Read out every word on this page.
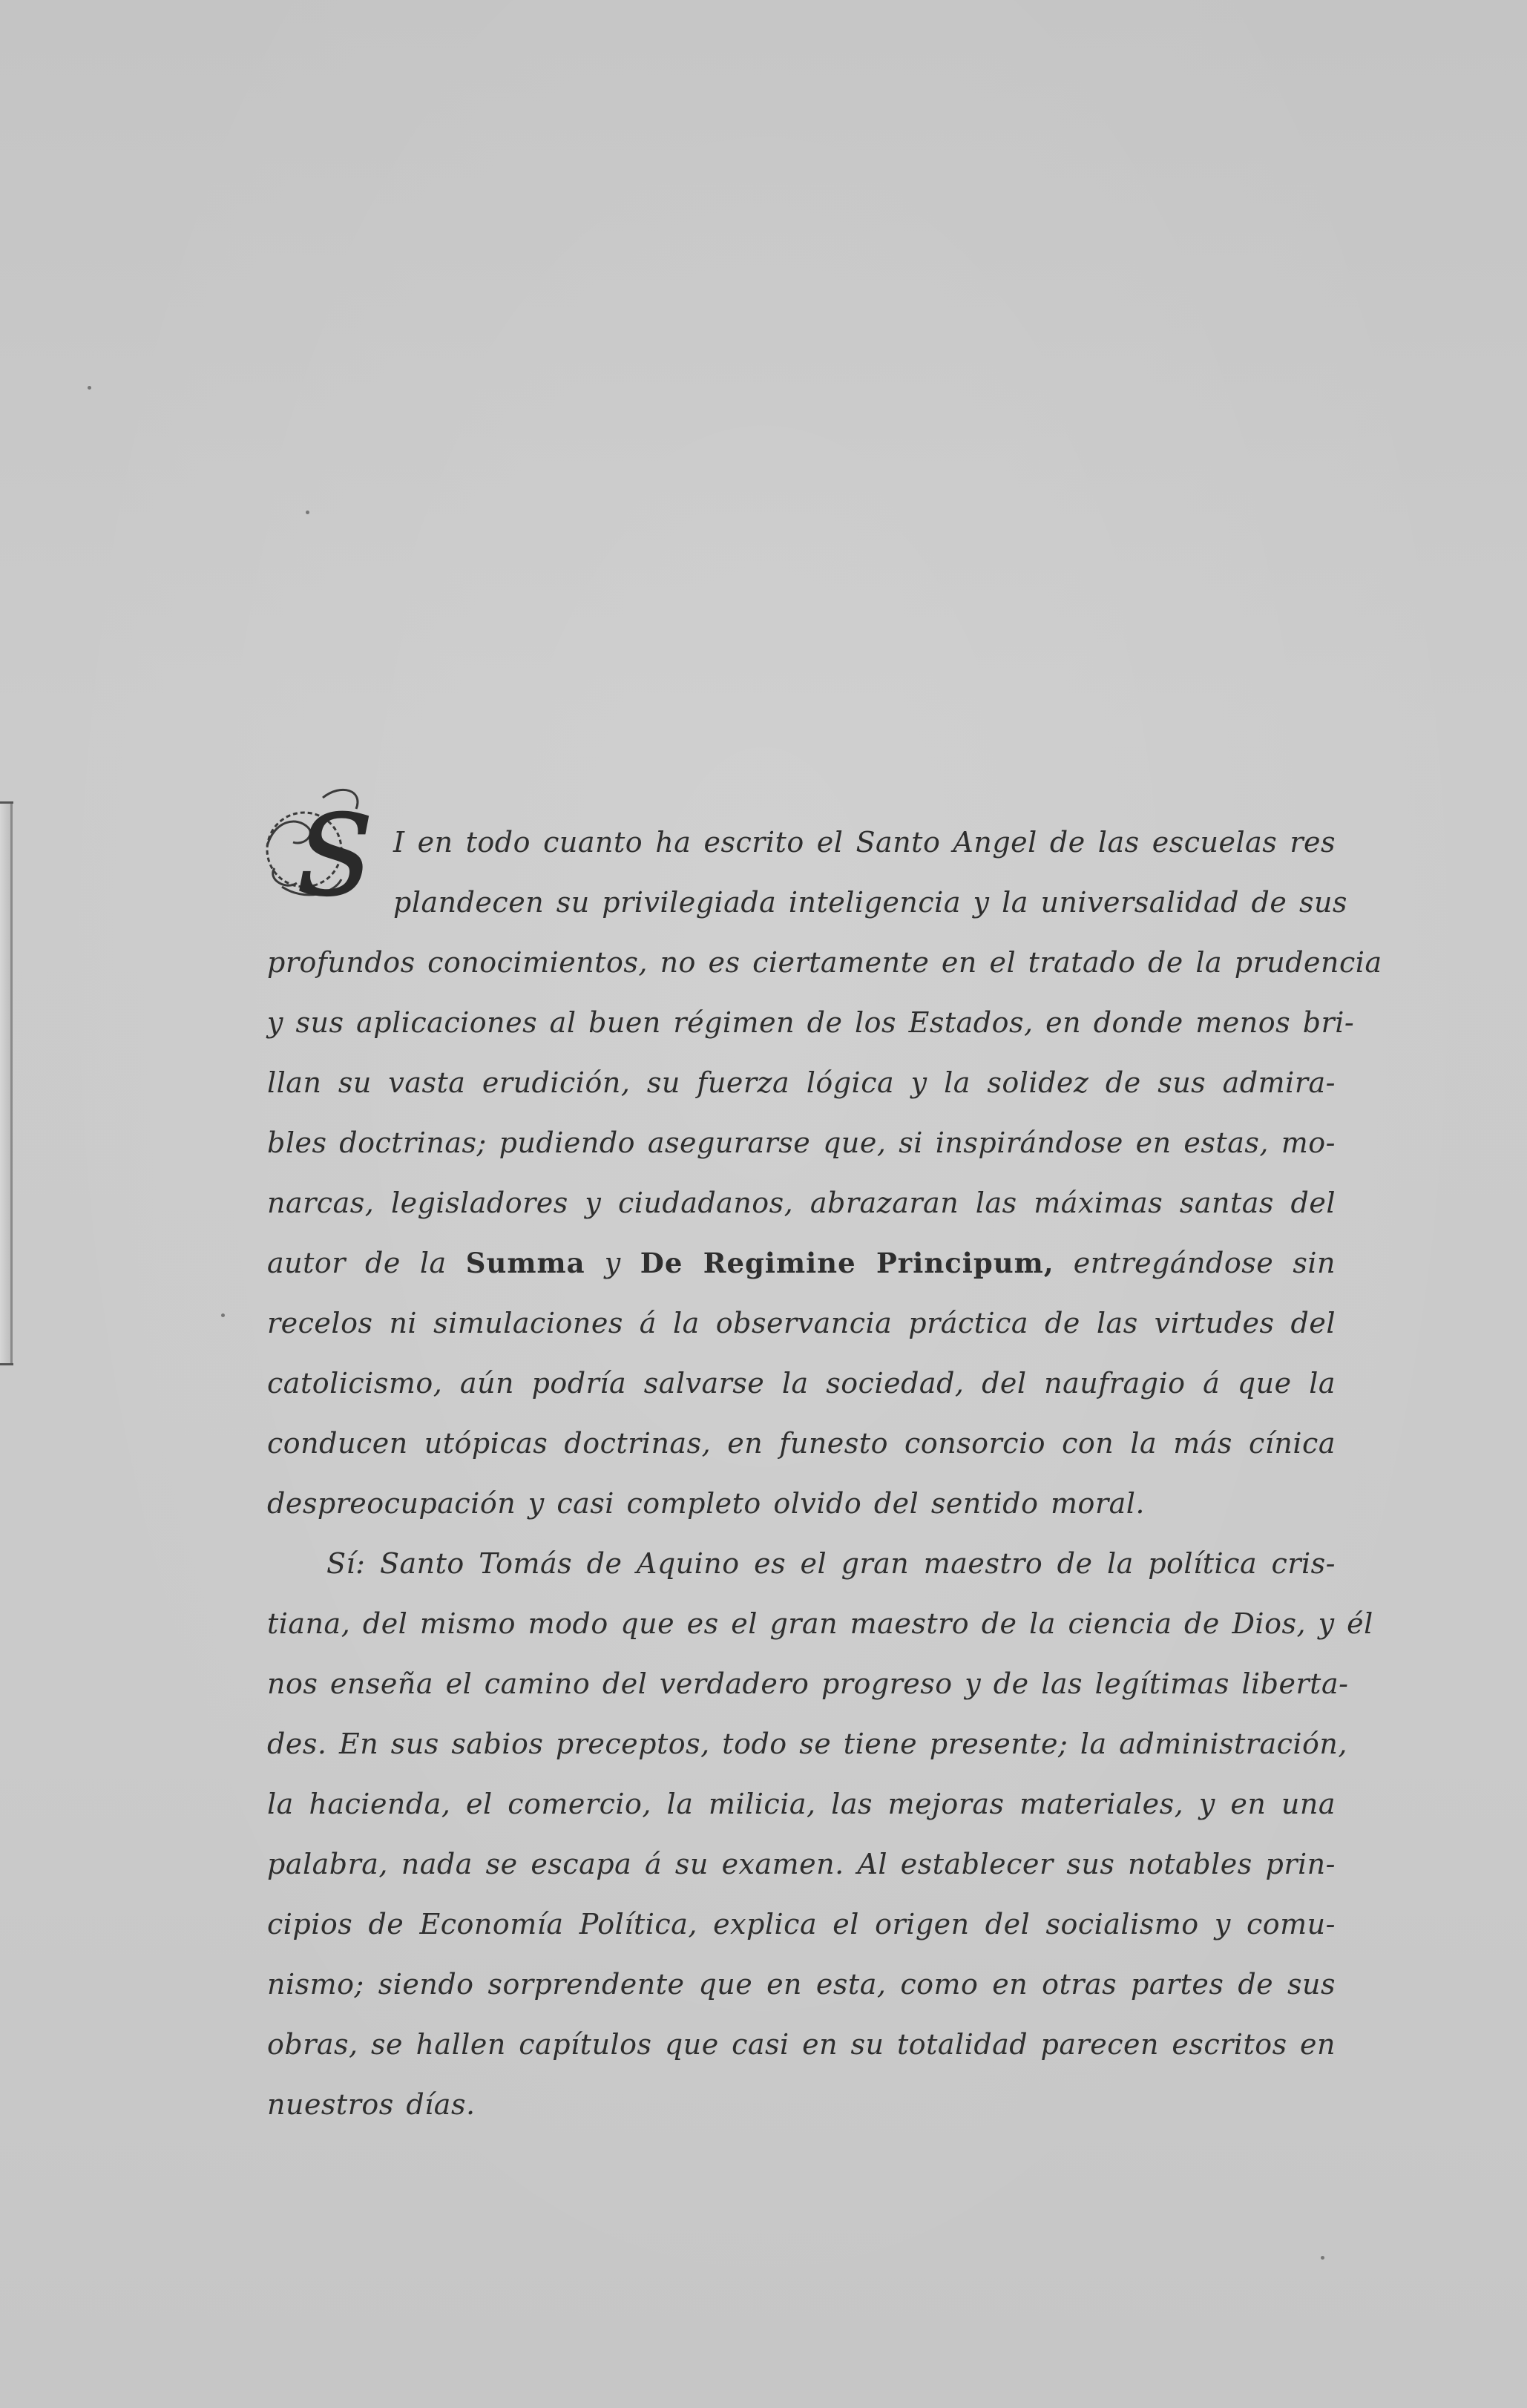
S I en todo cuanto ha escrito el Santo Angel de las escuelas res
plandecen su privilegiada inteligencia y la universalidad de sus
profundos conocimientos, no es ciertamente en el tratado de la prudencia
y sus aplicaciones al buen régimen de los Estados, en donde menos bri-
llan su vasta erudición, su fuerza lógica y la solidez de sus admira-
bles doctrinas; pudiendo asegurarse que, si inspirándose en estas, mo-
narcas, legisladores y ciudadanos, abrazaran las máximas santas del
autor de la Summa y De Regimine Principum, entregándose sin
recelos ni simulaciones á la observancia práctica de las virtudes del
catolicismo, aún podría salvarse la sociedad, del naufragio á que la
conducen utópicas doctrinas, en funesto consorcio con la más cínica
despreocupación y casi completo olvido del sentido moral.
Sí: Santo Tomás de Aquino es el gran maestro de la política cris-
tiana, del mismo modo que es el gran maestro de la ciencia de Dios, y él
nos enseña el camino del verdadero progreso y de las legítimas liberta-
des. En sus sabios preceptos, todo se tiene presente; la administración,
la hacienda, el comercio, la milicia, las mejoras materiales, y en una
palabra, nada se escapa á su examen. Al establecer sus notables prin-
cipios de Economía Política, explica el origen del socialismo y comu-
nismo; siendo sorprendente que en esta, como en otras partes de sus
obras, se hallen capítulos que casi en su totalidad parecen escritos en
nuestros días.
